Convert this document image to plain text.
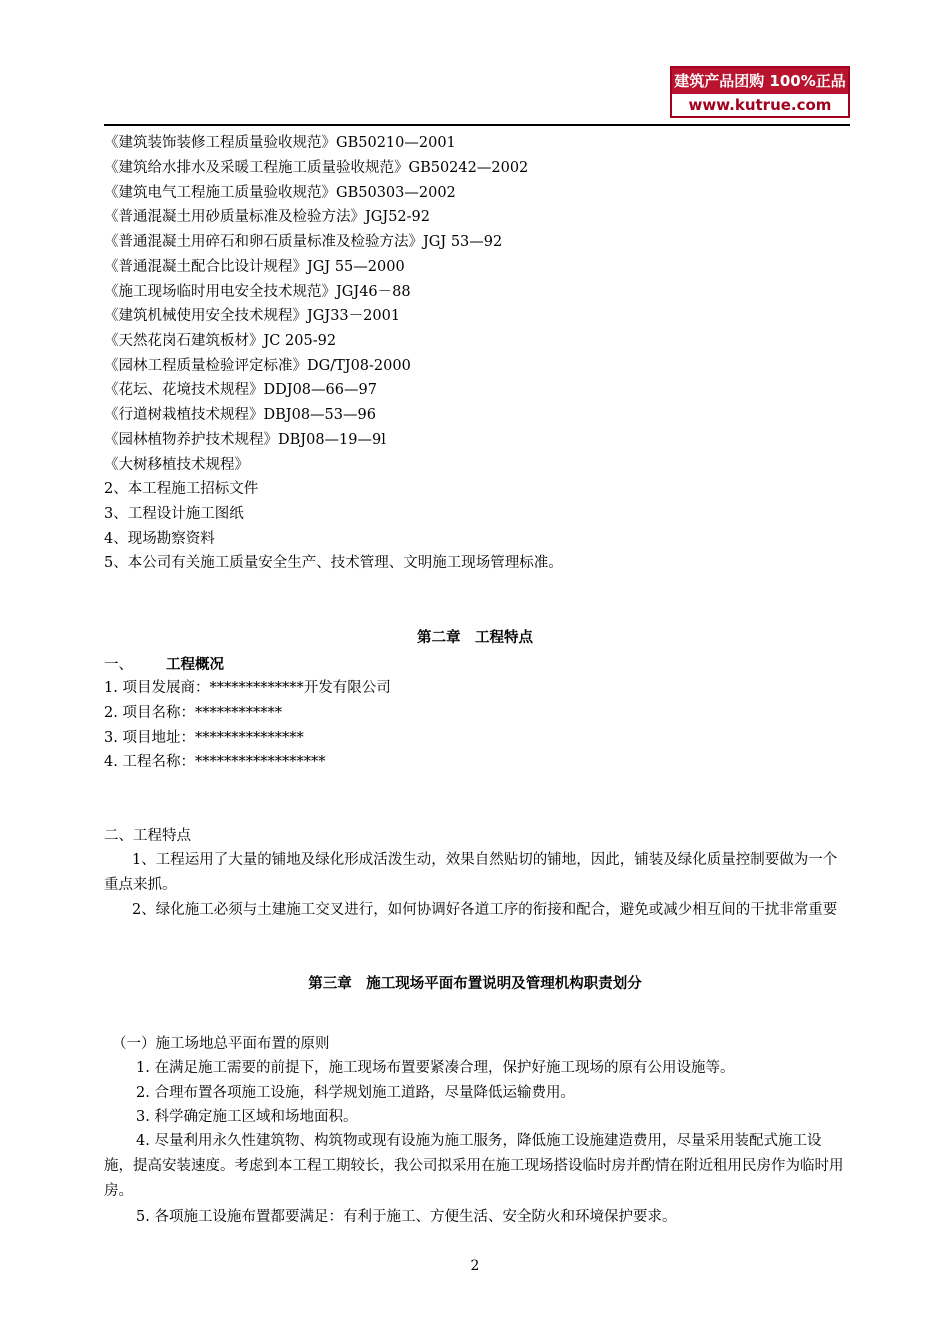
建筑产品团购 100%正品
www.kutrue.com
《建筑装饰装修工程质量验收规范》GB50210—2001
《建筑给水排水及采暖工程施工质量验收规范》GB50242—2002
《建筑电气工程施工质量验收规范》GB50303—2002
《普通混凝土用砂质量标准及检验方法》JGJ52-92
《普通混凝土用碎石和卵石质量标准及检验方法》JGJ 53—92
《普通混凝土配合比设计规程》JGJ 55—2000
《施工现场临时用电安全技术规范》JGJ46－88
《建筑机械使用安全技术规程》JGJ33－2001
《天然花岗石建筑板材》JC 205-92
《园林工程质量检验评定标准》DG/TJ08-2000
《花坛、花境技术规程》DDJ08—66—97
《行道树栽植技术规程》DBJ08—53—96
《园林植物养护技术规程》DBJ08—19—9l
《大树移植技术规程》
2、本工程施工招标文件
3、工程设计施工图纸
4、现场勘察资料
5、本公司有关施工质量安全生产、技术管理、文明施工现场管理标准。
第二章　工程特点
一、 工程概况
1. 项目发展商：*************开发有限公司
2. 项目名称：************
3. 项目地址：***************
4. 工程名称：******************
二、工程特点
1、工程运用了大量的铺地及绿化形成活泼生动，效果自然贴切的铺地，因此，铺装及绿化质量控制要做为一个重点来抓。
2、绿化施工必须与土建施工交叉进行，如何协调好各道工序的衔接和配合，避免或减少相互间的干扰非常重要
第三章　施工现场平面布置说明及管理机构职责划分
（一）施工场地总平面布置的原则
1. 在满足施工需要的前提下，施工现场布置要紧凑合理，保护好施工现场的原有公用设施等。
2. 合理布置各项施工设施，科学规划施工道路，尽量降低运输费用。
3. 科学确定施工区域和场地面积。
4. 尽量利用永久性建筑物、构筑物或现有设施为施工服务，降低施工设施建造费用，尽量采用装配式施工设施，提高安装速度。考虑到本工程工期较长，我公司拟采用在施工现场搭设临时房并酌情在附近租用民房作为临时用房。
5. 各项施工设施布置都要满足：有利于施工、方便生活、安全防火和环境保护要求。
2
